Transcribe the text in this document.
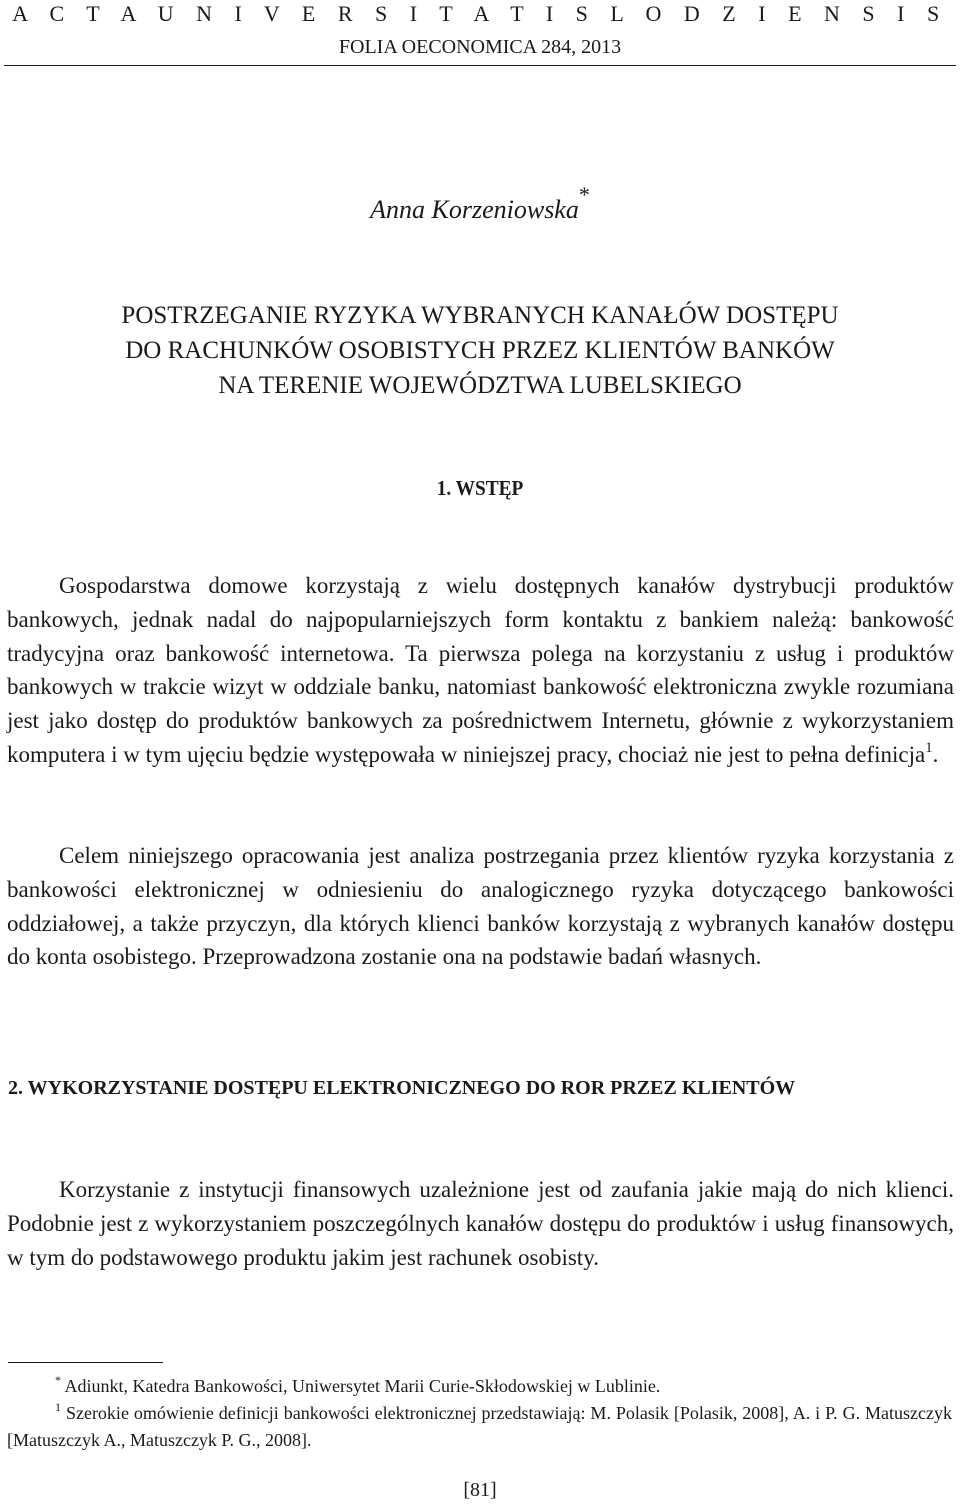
A C T A U N I V E R S I T A T I S L O D Z I E N S I S
FOLIA OECONOMICA 284, 2013
Anna Korzeniowska*
POSTRZEGANIE RYZYKA WYBRANYCH KANAŁÓW DOSTĘPU
DO RACHUNKÓW OSOBISTYCH PRZEZ KLIENTÓW BANKÓW
NA TERENIE WOJEWÓDZTWA LUBELSKIEGO
1. WSTĘP
Gospodarstwa domowe korzystają z wielu dostępnych kanałów dystrybucji produktów bankowych, jednak nadal do najpopularniejszych form kontaktu z bankiem należą: bankowość tradycyjna oraz bankowość internetowa. Ta pierwsza polega na korzystaniu z usług i produktów bankowych w trakcie wizyt w oddziale banku, natomiast bankowość elektroniczna zwykle rozumiana jest jako dostęp do produktów bankowych za pośrednictwem Internetu, głównie z wykorzystaniem komputera i w tym ujęciu będzie występowała w niniejszej pracy, chociaż nie jest to pełna definicja$^1$.
Celem niniejszego opracowania jest analiza postrzegania przez klientów ryzyka korzystania z bankowości elektronicznej w odniesieniu do analogicznego ryzyka dotyczącego bankowości oddziałowej, a także przyczyn, dla których klienci banków korzystają z wybranych kanałów dostępu do konta osobistego. Przeprowadzona zostanie ona na podstawie badań własnych.
2. WYKORZYSTANIE DOSTĘPU ELEKTRONICZNEGO DO ROR PRZEZ KLIENTÓW
Korzystanie z instytucji finansowych uzależnione jest od zaufania jakie mają do nich klienci. Podobnie jest z wykorzystaniem poszczególnych kanałów dostępu do produktów i usług finansowych, w tym do podstawowego produktu jakim jest rachunek osobisty.
* Adiunkt, Katedra Bankowości, Uniwersytet Marii Curie-Skłodowskiej w Lublinie.
$^1$ Szerokie omówienie definicji bankowości elektronicznej przedstawiają: M. Polasik [Polasik, 2008], A. i P. G. Matuszczyk [Matuszczyk A., Matuszczyk P. G., 2008].
[81]
